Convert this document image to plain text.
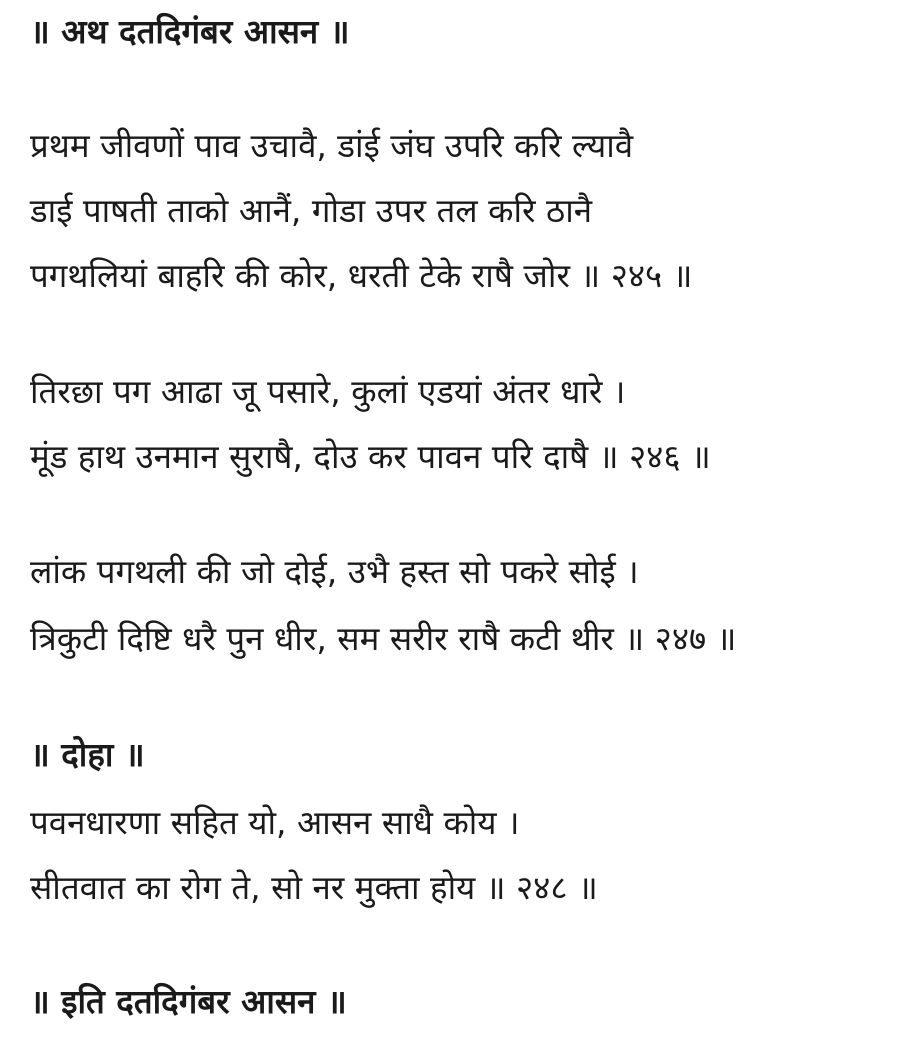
॥ अथ दतदिगंबर आसन ॥
प्रथम जीवणों पाव उचावै, डांई जंघ उपरि करि ल्यावै
डाई पाषती ताको आनैं, गोडा उपर तल करि ठानै
पगथलियां बाहरि की कोर, धरती टेके राषै जोर ॥ २४५ ॥
तिरछा पग आढा जू पसारे, कुलां एडयां अंतर धारे ।
मूंड हाथ उनमान सुराषै, दोउ कर पावन परि दाषै ॥ २४६ ॥
लांक पगथली की जो दोई, उभै हस्त सो पकरे सोई ।
त्रिकुटी दिष्टि धरै पुन धीर, सम सरीर राषै कटी थीर ॥ २४७ ॥
॥ दोहा ॥
पवनधारणा सहित यो, आसन साधै कोय ।
सीतवात का रोग ते, सो नर मुक्ता होय ॥ २४८ ॥
॥ इति दतदिगंबर आसन ॥
